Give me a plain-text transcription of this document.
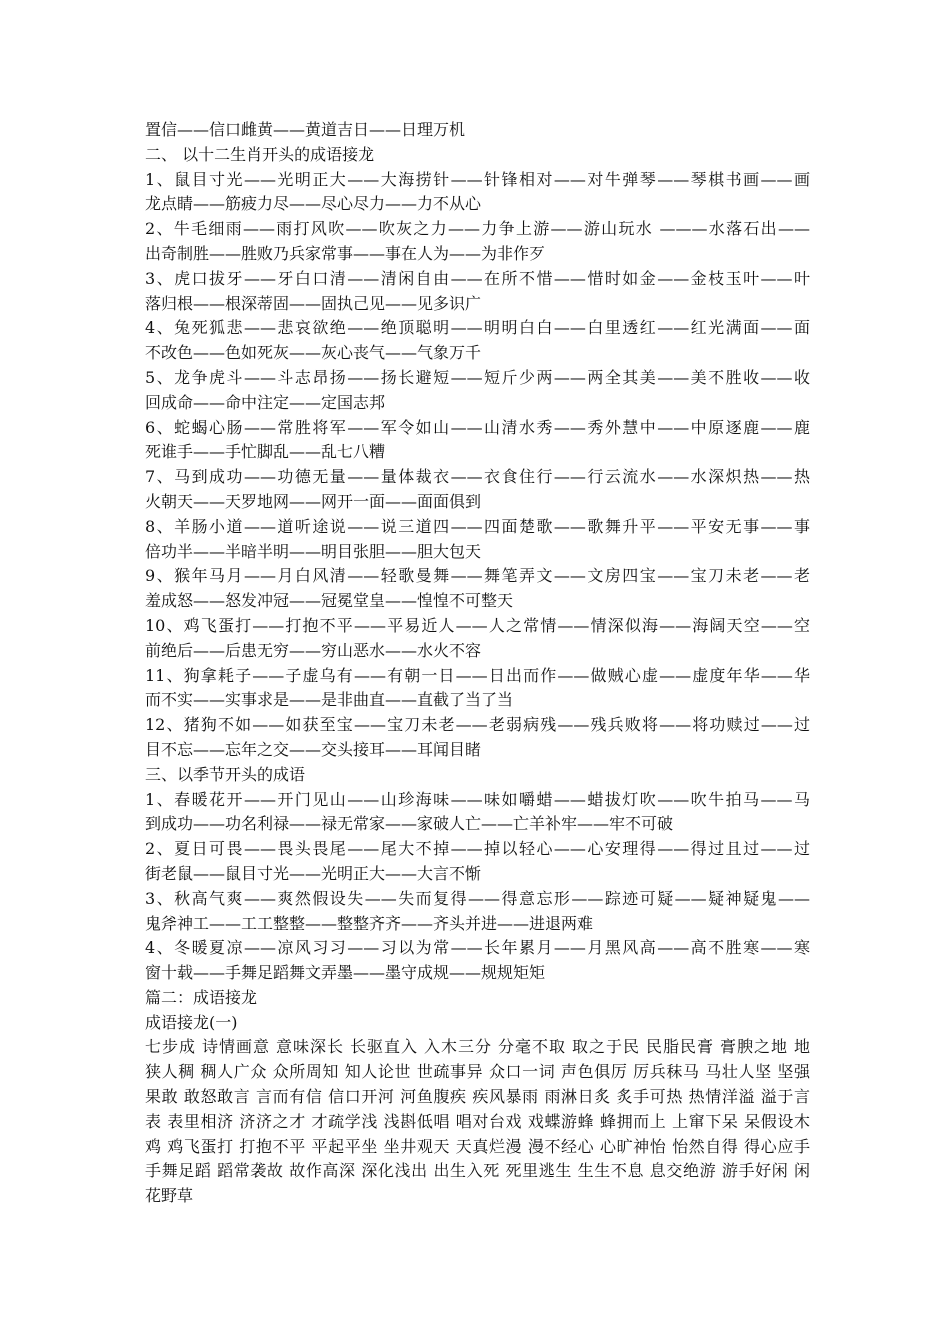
置信——信口雌黄——黄道吉日——日理万机
二、 以十二生肖开头的成语接龙
1、鼠目寸光——光明正大——大海捞针——针锋相对——对牛弹琴——琴棋书画——画
龙点睛——筋疲力尽——尽心尽力——力不从心
2、牛毛细雨——雨打风吹——吹灰之力——力争上游——游山玩水 ———水落石出——
出奇制胜——胜败乃兵家常事——事在人为——为非作歹
3、虎口拔牙——牙白口清——清闲自由——在所不惜——惜时如金——金枝玉叶——叶
落归根——根深蒂固——固执己见——见多识广
4、兔死狐悲——悲哀欲绝——绝顶聪明——明明白白——白里透红——红光满面——面
不改色——色如死灰——灰心丧气——气象万千
5、龙争虎斗——斗志昂扬——扬长避短——短斤少两——两全其美——美不胜收——收
回成命——命中注定——定国志邦
6、蛇蝎心肠——常胜将军——军令如山——山清水秀——秀外慧中——中原逐鹿——鹿
死谁手——手忙脚乱——乱七八糟
7、马到成功——功德无量——量体裁衣——衣食住行——行云流水——水深炽热——热
火朝天——天罗地网——网开一面——面面俱到
8、羊肠小道——道听途说——说三道四——四面楚歌——歌舞升平——平安无事——事
倍功半——半暗半明——明目张胆——胆大包天
9、猴年马月——月白风清——轻歌曼舞——舞笔弄文——文房四宝——宝刀未老——老
羞成怒——怒发冲冠——冠冕堂皇——惶惶不可整天
10、鸡飞蛋打——打抱不平——平易近人——人之常情——情深似海——海阔天空——空
前绝后——后患无穷——穷山恶水——水火不容
11、狗拿耗子——子虚乌有——有朝一日——日出而作——做贼心虚——虚度年华——华
而不实——实事求是——是非曲直——直截了当了当
12、猪狗不如——如获至宝——宝刀未老——老弱病残——残兵败将——将功赎过——过
目不忘——忘年之交——交头接耳——耳闻目睹
三、以季节开头的成语
1、春暖花开——开门见山——山珍海味——味如嚼蜡——蜡拔灯吹——吹牛拍马——马
到成功——功名利禄——禄无常家——家破人亡——亡羊补牢——牢不可破
2、夏日可畏——畏头畏尾——尾大不掉——掉以轻心——心安理得——得过且过——过
街老鼠——鼠目寸光——光明正大——大言不惭
3、秋高气爽——爽然假设失——失而复得——得意忘形——踪迹可疑——疑神疑鬼——
鬼斧神工——工工整整——整整齐齐——齐头并进——进退两难
4、冬暖夏凉——凉风习习——习以为常——长年累月——月黑风高——高不胜寒——寒
窗十载——手舞足蹈舞文弄墨——墨守成规——规规矩矩
篇二：成语接龙
成语接龙(一)
七步成 诗情画意 意味深长 长驱直入 入木三分 分毫不取 取之于民 民脂民膏 膏腴之地 地
狭人稠 稠人广众 众所周知 知人论世 世疏事异 众口一词 声色俱厉 厉兵秣马 马壮人坚 坚强
果敢 敢怒敢言 言而有信 信口开河 河鱼腹疾 疾风暴雨 雨淋日炙 炙手可热 热情洋溢 溢于言
表 表里相济 济济之才 才疏学浅 浅斟低唱 唱对台戏 戏蝶游蜂 蜂拥而上 上窜下呆 呆假设木
鸡 鸡飞蛋打 打抱不平 平起平坐 坐井观天 天真烂漫 漫不经心 心旷神怡 怡然自得 得心应手
手舞足蹈 蹈常袭故 故作高深 深化浅出 出生入死 死里逃生 生生不息 息交绝游 游手好闲 闲
花野草
